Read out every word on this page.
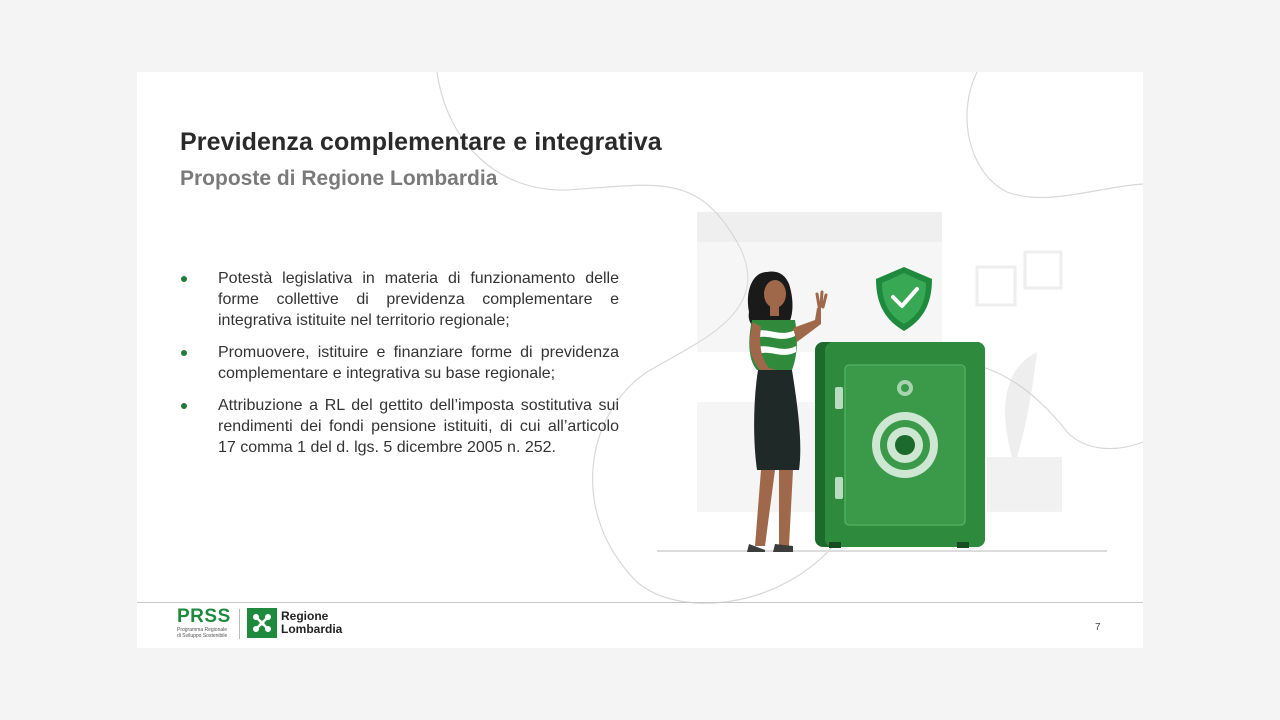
Previdenza complementare e integrativa
Proposte di Regione Lombardia
Potestà legislativa in materia di funzionamento delle forme collettive di previdenza complementare e integrativa istituite nel territorio regionale;
Promuovere, istituire e finanziare forme di previdenza complementare e integrativa su base regionale;
Attribuzione a RL del gettito dell’imposta sostitutiva sui rendimenti dei fondi pensione istituiti, di cui all’articolo 17 comma 1 del d. lgs. 5 dicembre 2005 n. 252.
PRSS
Programma Regionale
di Sviluppo Sostenibile
Regione
Lombardia	7
